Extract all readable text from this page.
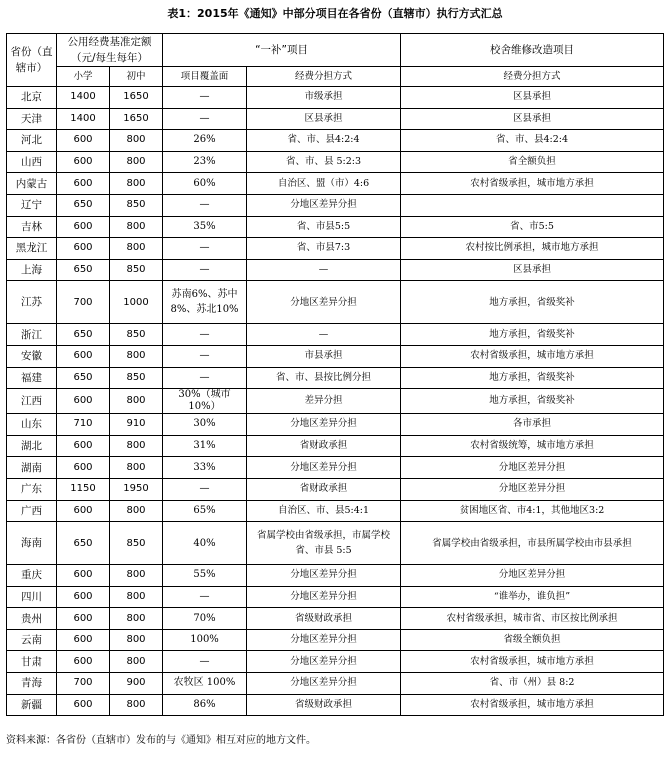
表1：2015年《通知》中部分项目在各省份（直辖市）执行方式汇总
省份（直辖市）	公用经费基准定额（元/每生每年）		“一补”项目		校舍维修改造项目
	小学	初中	项目覆盖面	经费分担方式	经费分担方式
北京	1400	1650	—	市级承担	区县承担
天津	1400	1650	—	区县承担	区县承担
河北	600	800	26%	省、市、县4:2:4	省、市、县4:2:4
山西	600	800	23%	省、市、县 5:2:3	省全额负担
内蒙古	600	800	60%	自治区、盟（市）4:6	农村省级承担，城市地方承担
辽宁	650	850	—	分地区差异分担	
吉林	600	800	35%	省、市县5:5	省、市5:5
黑龙江	600	800	—	省、市县7:3	农村按比例承担，城市地方承担
上海	650	850	—	—	区县承担
江苏	700	1000	苏南6%、苏中8%、苏北10%	分地区差异分担	地方承担，省级奖补
浙江	650	850	—	—	地方承担，省级奖补
安徽	600	800	—	市县承担	农村省级承担，城市地方承担
福建	650	850	—	省、市、县按比例分担	地方承担，省级奖补
江西	600	800	30%（城市 10%）	差异分担	地方承担，省级奖补
山东	710	910	30%	分地区差异分担	各市承担
湖北	600	800	31%	省财政承担	农村省级统筹，城市地方承担
湖南	600	800	33%	分地区差异分担	分地区差异分担
广东	1150	1950	—	省财政承担	分地区差异分担
广西	600	800	65%	自治区、市、县5:4:1	贫困地区省、市4:1，其他地区3:2
海南	650	850	40%	省属学校由省级承担，市属学校省、市县 5:5	省属学校由省级承担，市县所属学校由市县承担
重庆	600	800	55%	分地区差异分担	分地区差异分担
四川	600	800	—	分地区差异分担	“谁举办，谁负担”
贵州	600	800	70%	省级财政承担	农村省级承担，城市省、市区按比例承担
云南	600	800	100%	分地区差异分担	省级全额负担
甘肃	600	800	—	分地区差异分担	农村省级承担，城市地方承担
青海	700	900	农牧区 100%	分地区差异分担	省、市（州）县 8:2
新疆	600	800	86%	省级财政承担	农村省级承担，城市地方承担
资料来源：各省份（直辖市）发布的与《通知》相互对应的地方文件。
